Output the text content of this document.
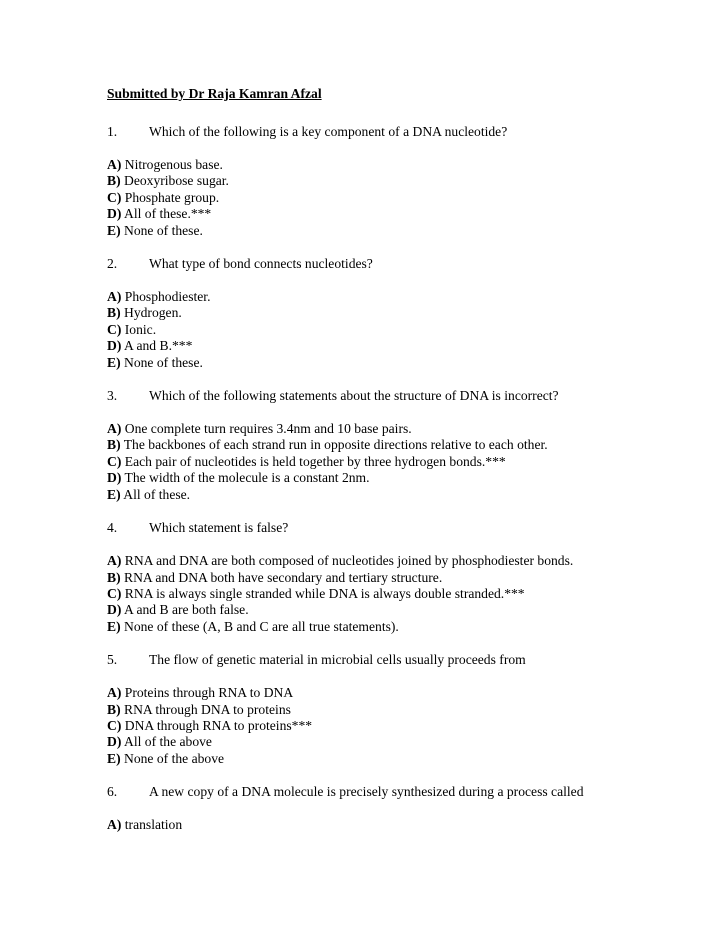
Submitted by Dr Raja Kamran Afzal
1.	Which of the following is a key component of a DNA nucleotide?
A) Nitrogenous base.
B) Deoxyribose sugar.
C) Phosphate group.
D) All of these.***
E) None of these.
2.	What type of bond connects nucleotides?
A) Phosphodiester.
B) Hydrogen.
C) Ionic.
D) A and B.***
E) None of these.
3.	Which of the following statements about the structure of DNA is incorrect?
A) One complete turn requires 3.4nm and 10 base pairs.
B) The backbones of each strand run in opposite directions relative to each other.
C) Each pair of nucleotides is held together by three hydrogen bonds.***
D) The width of the molecule is a constant 2nm.
E) All of these.
4.	Which statement is false?
A) RNA and DNA are both composed of nucleotides joined by phosphodiester bonds.
B) RNA and DNA both have secondary and tertiary structure.
C) RNA is always single stranded while DNA is always double stranded.***
D) A and B are both false.
E) None of these (A, B and C are all true statements).
5.	The flow of genetic material in microbial cells usually proceeds from
A) Proteins through RNA to DNA
B) RNA through DNA to proteins
C) DNA through RNA to proteins***
D) All of the above
E) None of the above
6.	A new copy of a DNA molecule is precisely synthesized during a process called
A) translation
